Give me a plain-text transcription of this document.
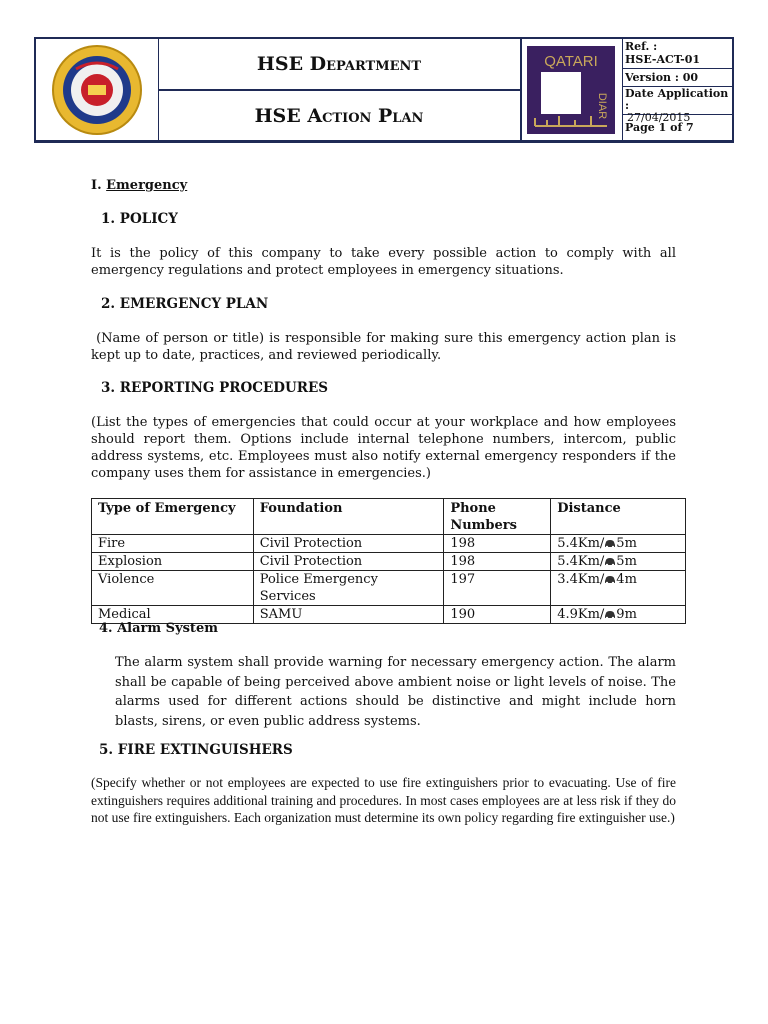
HSE Department
HSE Action Plan
QATARI
DIAR
Ref. :
HSE-ACT-01
Version : 00
Date Application :
27/04/2015
Page 1 of 7
I. Emergency
1. POLICY
It is the policy of this company to take every possible action to comply with all emergency regulations and protect employees in emergency situations.
2. EMERGENCY PLAN
(Name of person or title) is responsible for making sure this emergency action plan is kept up to date, practices, and reviewed periodically.
3. REPORTING PROCEDURES
(List the types of emergencies that could occur at your workplace and how employees should report them. Options include internal telephone numbers, intercom, public address systems, etc. Employees must also notify external emergency responders if the company uses them for assistance in emergencies.)
Type of Emergency	Foundation	Phone Numbers	Distance
Fire	Civil Protection	198	5.4Km/ 5m
Explosion	Civil Protection	198	5.4Km/ 5m
Violence	Police Emergency Services	197	3.4Km/ 4m
Medical	SAMU	190	4.9Km/ 9m
4. Alarm System
The alarm system shall provide warning for necessary emergency action. The alarm shall be capable of being perceived above ambient noise or light levels of noise. The alarms used for different actions should be distinctive and might include horn blasts, sirens, or even public address systems.
5. FIRE EXTINGUISHERS
(Specify whether or not employees are expected to use fire extinguishers prior to evacuating. Use of fire extinguishers requires additional training and procedures. In most cases employees are at less risk if they do not use fire extinguishers. Each organization must determine its own policy regarding fire extinguisher use.)
